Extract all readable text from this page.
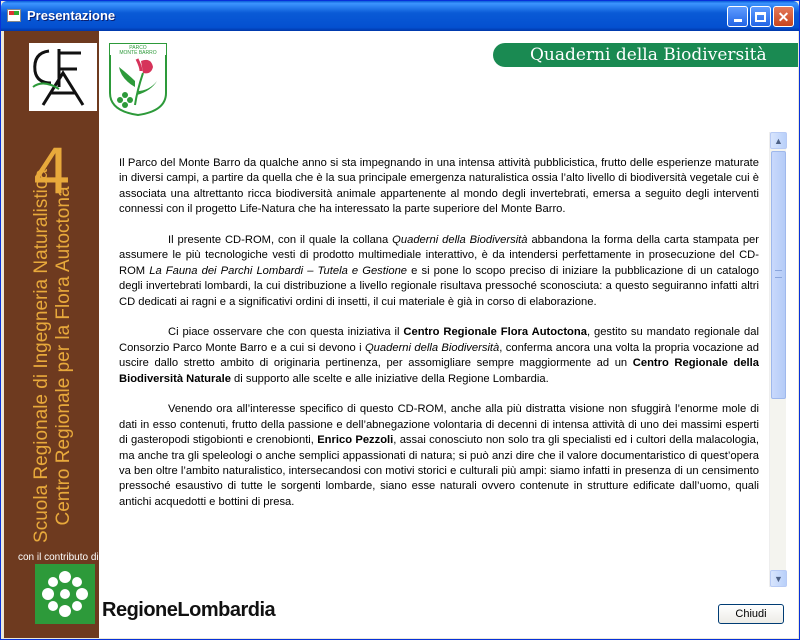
Presentazione	✕
4
Scuola Regionale di Ingegneria Naturalistica Centro Regionale per la Flora Autoctona
con il contributo di
RegioneLombardia
PARCO
MONTE BARRO	Quaderni della Biodiversità

Il Parco del Monte Barro da qualche anno si sta impegnando in una intensa attività pubblicistica, frutto delle esperienze maturate in diversi campi, a partire da quella che è la sua principale emergenza naturalistica ossia l’alto livello di biodiversità vegetale cui è associata una altrettanto ricca biodiversità animale appartenente al mondo degli invertebrati, emersa a seguito degli interventi connessi con il progetto Life-Natura che ha interessato la parte superiore del Monte Barro.

Il presente CD-ROM, con il quale la collana Quaderni della Biodiversità abbandona la forma della carta stampata per assumere le più tecnologiche vesti di prodotto multimediale interattivo, è da intendersi perfettamente in prosecuzione del CD-ROM La Fauna dei Parchi Lombardi – Tutela e Gestione e si pone lo scopo preciso di iniziare la pubblicazione di un catalogo degli invertebrati lombardi, la cui distribuzione a livello regionale risultava pressoché sconosciuta: a questo seguiranno infatti altri CD dedicati ai ragni e a significativi ordini di insetti, il cui materiale è già in corso di elaborazione.

Ci piace osservare che con questa iniziativa il Centro Regionale Flora Autoctona, gestito su mandato regionale dal Consorzio Parco Monte Barro e a cui si devono i Quaderni della Biodiversità, conferma ancora una volta la propria vocazione ad uscire dallo stretto ambito di originaria pertinenza, per assomigliare sempre maggiormente ad un Centro Regionale della Biodiversità Naturale di supporto alle scelte e alle iniziative della Regione Lombardia.

Venendo ora all’interesse specifico di questo CD-ROM, anche alla più distratta visione non sfuggirà l’enorme mole di dati in esso contenuti, frutto della passione e dell’abnegazione volontaria di decenni di intensa attività di uno dei massimi esperti di gasteropodi stigobionti e crenobionti, Enrico Pezzoli, assai conosciuto non solo tra gli specialisti ed i cultori della malacologia, ma anche tra gli speleologi o anche semplici appassionati di natura; si può anzi dire che il valore documentaristico di quest’opera va ben oltre l’ambito naturalistico, intersecandosi con motivi storici e culturali più ampi: siamo infatti in presenza di un censimento pressoché esaustivo di tutte le sorgenti lombarde, siano esse naturali ovvero contenute in strutture edificate dall’uomo, quali antichi acquedotti e bottini di presa.

▲
▼
Chiudi
